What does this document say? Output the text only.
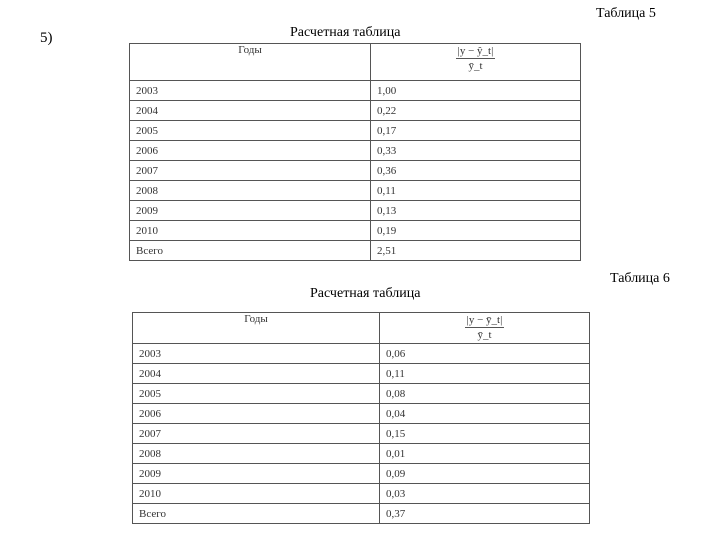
5)
Таблица 5
Расчетная таблица
Годы	|y − ŷ_t|
ȳ_t

2003	1,00
2004	0,22
2005	0,17
2006	0,33
2007	0,36
2008	0,11
2009	0,13
2010	0,19
Всего	2,51
Таблица 6
Расчетная таблица
Годы	|y − ȳ_t|
ȳ_t

2003	0,06
2004	0,11
2005	0,08
2006	0,04
2007	0,15
2008	0,01
2009	0,09
2010	0,03
Всего	0,37
